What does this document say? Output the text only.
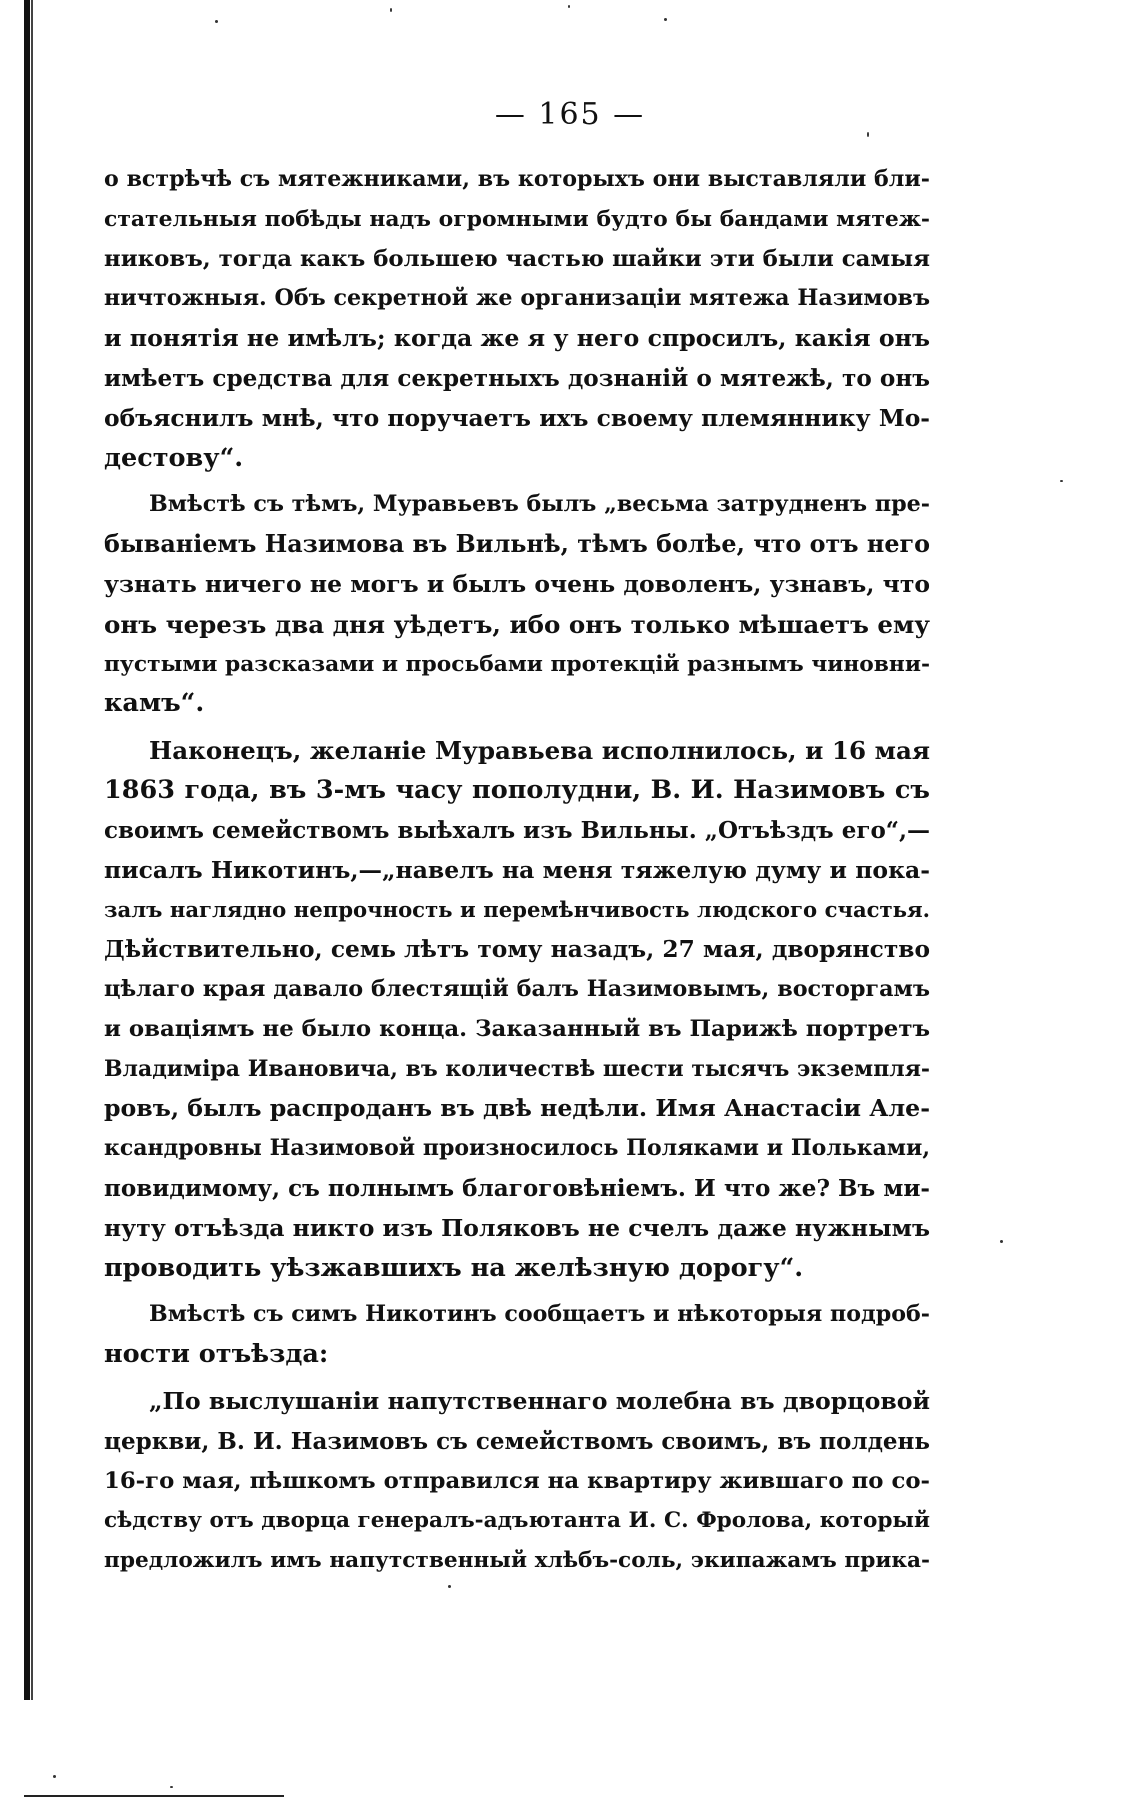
— 165 —
о встрѣчѣ съ мятежниками, въ которыхъ они выставляли бли-
стательныя побѣды надъ огромными будто бы бандами мятеж-
никовъ, тогда какъ большею частью шайки эти были самыя
ничтожныя. Объ секретной же организаціи мятежа Назимовъ
и понятія не имѣлъ; когда же я у него спросилъ, какія онъ
имѣетъ средства для секретныхъ дознаній о мятежѣ, то онъ
объяснилъ мнѣ, что поручаетъ ихъ своему племяннику Мо-
дестову“.
Вмѣстѣ съ тѣмъ, Муравьевъ былъ „весьма затрудненъ пре-
быванiемъ Назимова въ Вильнѣ, тѣмъ болѣе, что отъ него
узнать ничего не могъ и былъ очень доволенъ, узнавъ, что
онъ черезъ два дня уѣдетъ, ибо онъ только мѣшаетъ ему
пустыми разсказами и просьбами протекцій разнымъ чиновни-
камъ“.
Наконецъ, желаніе Муравьева исполнилось, и 16 мая
1863 года, въ 3-мъ часу пополудни, В. И. Назимовъ съ
своимъ семействомъ выѣхалъ изъ Вильны. „Отъѣздъ его“,—
писалъ Никотинъ,—„навелъ на меня тяжелую думу и пока-
залъ наглядно непрочность и перемѣнчивость людского счастья.
Дѣйствительно, семь лѣтъ тому назадъ, 27 мая, дворянство
цѣлаго края давало блестящій балъ Назимовымъ, восторгамъ
и оваціямъ не было конца. Заказанный въ Парижѣ портретъ
Владиміра Ивановича, въ количествѣ шести тысячъ экземпля-
ровъ, былъ распроданъ въ двѣ недѣли. Имя Анастасіи Але-
ксандровны Назимовой произносилось Поляками и Польками,
повидимому, съ полнымъ благоговѣніемъ. И что же? Въ ми-
нуту отъѣзда никто изъ Поляковъ не счелъ даже нужнымъ
проводить уѣзжавшихъ на желѣзную дорогу“.
Вмѣстѣ съ симъ Никотинъ сообщаетъ и нѣкоторыя подроб-
ности отъѣзда:
„По выслушаніи напутственнаго молебна въ дворцовой
церкви, В. И. Назимовъ съ семействомъ своимъ, въ полдень
16-го мая, пѣшкомъ отправился на квартиру жившаго по со-
сѣдству отъ дворца генералъ-адъютанта И. С. Фролова, который
предложилъ имъ напутственный хлѣбъ-соль, экипажамъ прика-
